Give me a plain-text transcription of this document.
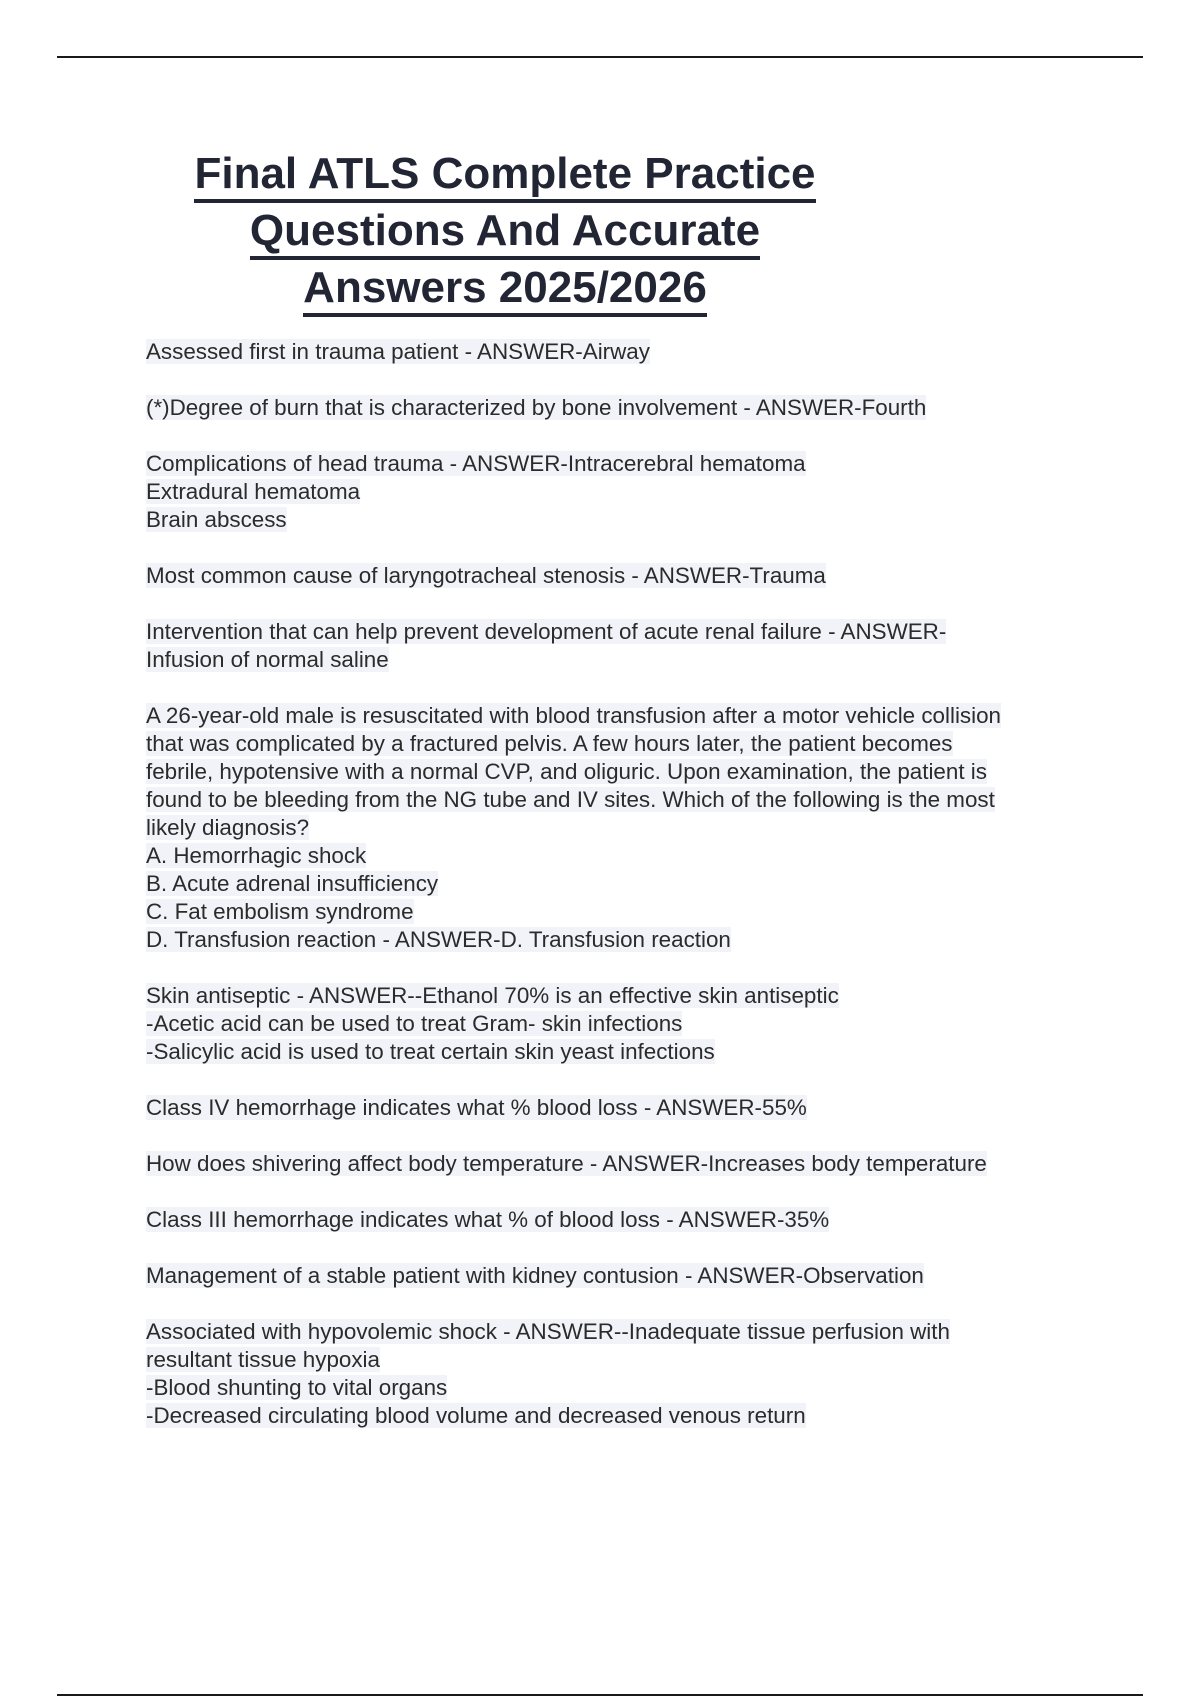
Final ATLS Complete Practice
Questions And Accurate
Answers 2025/2026
Assessed first in trauma patient - ANSWER-Airway
(*)Degree of burn that is characterized by bone involvement - ANSWER-Fourth
Complications of head trauma - ANSWER-Intracerebral hematoma
Extradural hematoma
Brain abscess
Most common cause of laryngotracheal stenosis - ANSWER-Trauma
Intervention that can help prevent development of acute renal failure - ANSWER-
Infusion of normal saline
A 26-year-old male is resuscitated with blood transfusion after a motor vehicle collision
that was complicated by a fractured pelvis. A few hours later, the patient becomes
febrile, hypotensive with a normal CVP, and oliguric. Upon examination, the patient is
found to be bleeding from the NG tube and IV sites. Which of the following is the most
likely diagnosis?
A. Hemorrhagic shock
B. Acute adrenal insufficiency
C. Fat embolism syndrome
D. Transfusion reaction - ANSWER-D. Transfusion reaction
Skin antiseptic - ANSWER--Ethanol 70% is an effective skin antiseptic
-Acetic acid can be used to treat Gram- skin infections
-Salicylic acid is used to treat certain skin yeast infections
Class IV hemorrhage indicates what % blood loss - ANSWER-55%
How does shivering affect body temperature - ANSWER-Increases body temperature
Class III hemorrhage indicates what % of blood loss - ANSWER-35%
Management of a stable patient with kidney contusion - ANSWER-Observation
Associated with hypovolemic shock - ANSWER--Inadequate tissue perfusion with
resultant tissue hypoxia
-Blood shunting to vital organs
-Decreased circulating blood volume and decreased venous return
